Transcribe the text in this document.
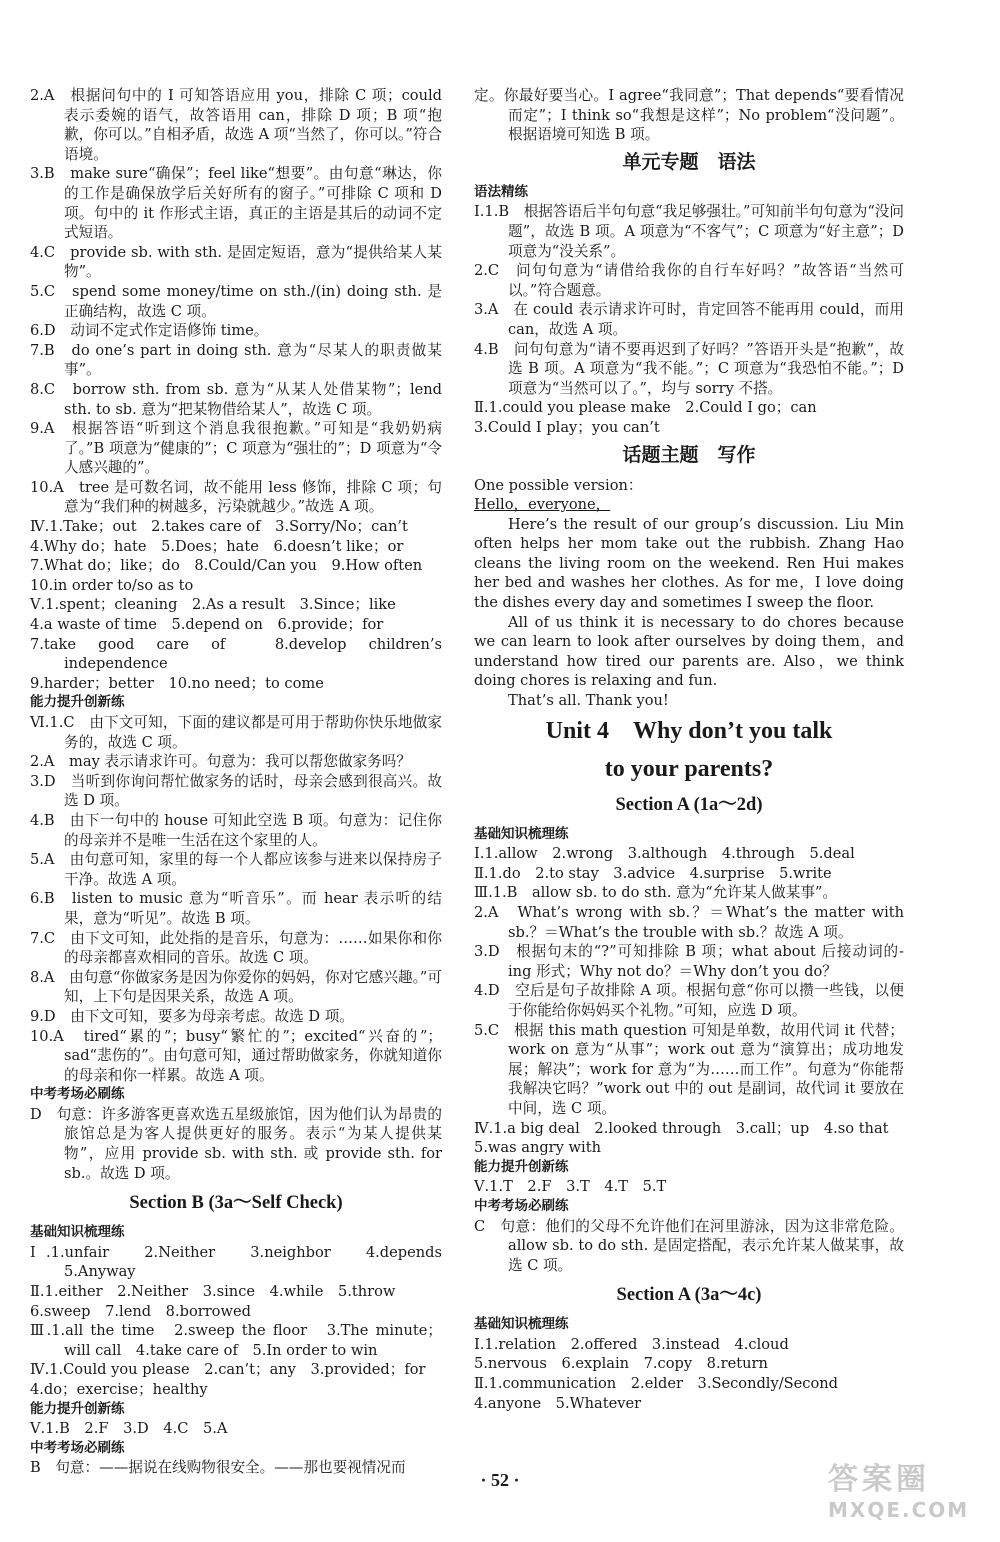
2.A　根据问句中的 I 可知答语应用 you，排除 C 项；could 表示委婉的语气，故答语用 can，排除 D 项；B 项“抱歉，你可以。”自相矛盾，故选 A 项“当然了，你可以。”符合语境。

3.B　make sure“确保”；feel like“想要”。由句意“琳达，你的工作是确保放学后关好所有的窗子。”可排除 C 项和 D 项。句中的 it 作形式主语，真正的主语是其后的动词不定式短语。

4.C　provide sb. with sth. 是固定短语，意为“提供给某人某物”。

5.C　spend some money/time on sth./(in) doing sth. 是正确结构，故选 C 项。

6.D　动词不定式作定语修饰 time。

7.B　do one’s part in doing sth. 意为“尽某人的职责做某事”。

8.C　borrow sth. from sb. 意为“从某人处借某物”；lend sth. to sb. 意为“把某物借给某人”，故选 C 项。

9.A　根据答语“听到这个消息我很抱歉。”可知是“我奶奶病了。”B 项意为“健康的”；C 项意为“强壮的”；D 项意为“令人感兴趣的”。

10.A　tree 是可数名词，故不能用 less 修饰，排除 C 项；句意为“我们种的树越多，污染就越少。”故选 A 项。

Ⅳ.1.Take；out　2.takes care of　3.Sorry/No；can’t

4.Why do；hate　5.Does；hate　6.doesn’t like；or

7.What do；like；do　8.Could/Can you　9.How often

10.in order to/so as to

Ⅴ.1.spent；cleaning　2.As a result　3.Since；like

4.a waste of time　5.depend on　6.provide；for

7.take good care of　8.develop children’s independence

9.harder；better　10.no need；to come

能力提升创新练

Ⅵ.1.C　由下文可知，下面的建议都是可用于帮助你快乐地做家务的，故选 C 项。

2.A　may 表示请求许可。句意为：我可以帮您做家务吗？

3.D　当听到你询问帮忙做家务的话时，母亲会感到很高兴。故选 D 项。

4.B　由下一句中的 house 可知此空选 B 项。句意为：记住你的母亲并不是唯一生活在这个家里的人。

5.A　由句意可知，家里的每一个人都应该参与进来以保持房子干净。故选 A 项。

6.B　listen to music 意为“听音乐”。而 hear 表示听的结果，意为“听见”。故选 B 项。

7.C　由下文可知，此处指的是音乐，句意为：……如果你和你的母亲都喜欢相同的音乐。故选 C 项。

8.A　由句意“你做家务是因为你爱你的妈妈，你对它感兴趣。”可知，上下句是因果关系，故选 A 项。

9.D　由下文可知，要多为母亲考虑。故选 D 项。

10.A　tired“累的”；busy“繁忙的”；excited“兴奋的”；sad“悲伤的”。由句意可知，通过帮助做家务，你就知道你的母亲和你一样累。故选 A 项。

中考考场必刷练

D　句意：许多游客更喜欢选五星级旅馆，因为他们认为昂贵的旅馆总是为客人提供更好的服务。表示“为某人提供某物”，应用 provide sb. with sth. 或 provide sth. for sb.。故选 D 项。

Section B (3a～Self Check)

基础知识梳理练

Ⅰ.1.unfair　2.Neither　3.neighbor　4.depends　5.Anyway

Ⅱ.1.either　2.Neither　3.since　4.while　5.throw

6.sweep　7.lend　8.borrowed

Ⅲ.1.all the time　2.sweep the floor　3.The minute；will call　4.take care of　5.In order to win

Ⅳ.1.Could you please　2.can’t；any　3.provided；for

4.do；exercise；healthy

能力提升创新练

Ⅴ.1.B　2.F　3.D　4.C　5.A

中考考场必刷练

B　句意：——据说在线购物很安全。——那也要视情况而

定。你最好要当心。I agree“我同意”；That depends“要看情况而定”；I think so“我想是这样”；No problem“没问题”。根据语境可知选 B 项。

单元专题　语法

语法精练

Ⅰ.1.B　根据答语后半句句意“我足够强壮。”可知前半句句意为“没问题”，故选 B 项。A 项意为“不客气”；C 项意为“好主意”；D 项意为“没关系”。

2.C　问句句意为“请借给我你的自行车好吗？”故答语“当然可以。”符合题意。

3.A　在 could 表示请求许可时，肯定回答不能再用 could，而用 can，故选 A 项。

4.B　问句句意为“请不要再迟到了好吗？”答语开头是“抱歉”，故选 B 项。A 项意为“我不能。”；C 项意为“我恐怕不能。”；D 项意为“当然可以了。”，均与 sorry 不搭。

Ⅱ.1.could you please make　2.Could I go；can

3.Could I play；you can’t

话题主题　写作

One possible version：

Hello，everyone，

Here’s the result of our group’s discussion. Liu Min often helps her mom take out the rubbish. Zhang Hao cleans the living room on the weekend. Ren Hui makes her bed and washes her clothes. As for me，I love doing the dishes every day and sometimes I sweep the floor.

All of us think it is necessary to do chores because we can learn to look after ourselves by doing them，and understand how tired our parents are. Also，we think doing chores is relaxing and fun.

That’s all. Thank you!

Unit 4　Why don’t you talk

to your parents?

Section A (1a～2d)

基础知识梳理练

Ⅰ.1.allow　2.wrong　3.although　4.through　5.deal

Ⅱ.1.do　2.to stay　3.advice　4.surprise　5.write

Ⅲ.1.B　allow sb. to do sth. 意为“允许某人做某事”。

2.A　What’s wrong with sb.？＝What’s the matter with sb.？＝What’s the trouble with sb.？故选 A 项。

3.D　根据句末的“?”可知排除 B 项；what about 后接动词的-ing 形式；Why not do？＝Why don’t you do？

4.D　空后是句子故排除 A 项。根据句意“你可以攒一些钱，以便于你能给你妈妈买个礼物。”可知，应选 D 项。

5.C　根据 this math question 可知是单数，故用代词 it 代替；work on 意为“从事”；work out 意为“演算出；成功地发展；解决”；work for 意为“为……而工作”。句意为“你能帮我解决它吗？”work out 中的 out 是副词，故代词 it 要放在中间，选 C 项。

Ⅳ.1.a big deal　2.looked through　3.call；up　4.so that

5.was angry with

能力提升创新练

Ⅴ.1.T　2.F　3.T　4.T　5.T

中考考场必刷练

C　句意：他们的父母不允许他们在河里游泳，因为这非常危险。allow sb. to do sth. 是固定搭配，表示允许某人做某事，故选 C 项。

Section A (3a～4c)

基础知识梳理练

Ⅰ.1.relation　2.offered　3.instead　4.cloud

5.nervous　6.explain　7.copy　8.return

Ⅱ.1.communication　2.elder　3.Secondly/Second

4.anyone　5.Whatever

· 52 ·	答案圈
MXQE.COM
